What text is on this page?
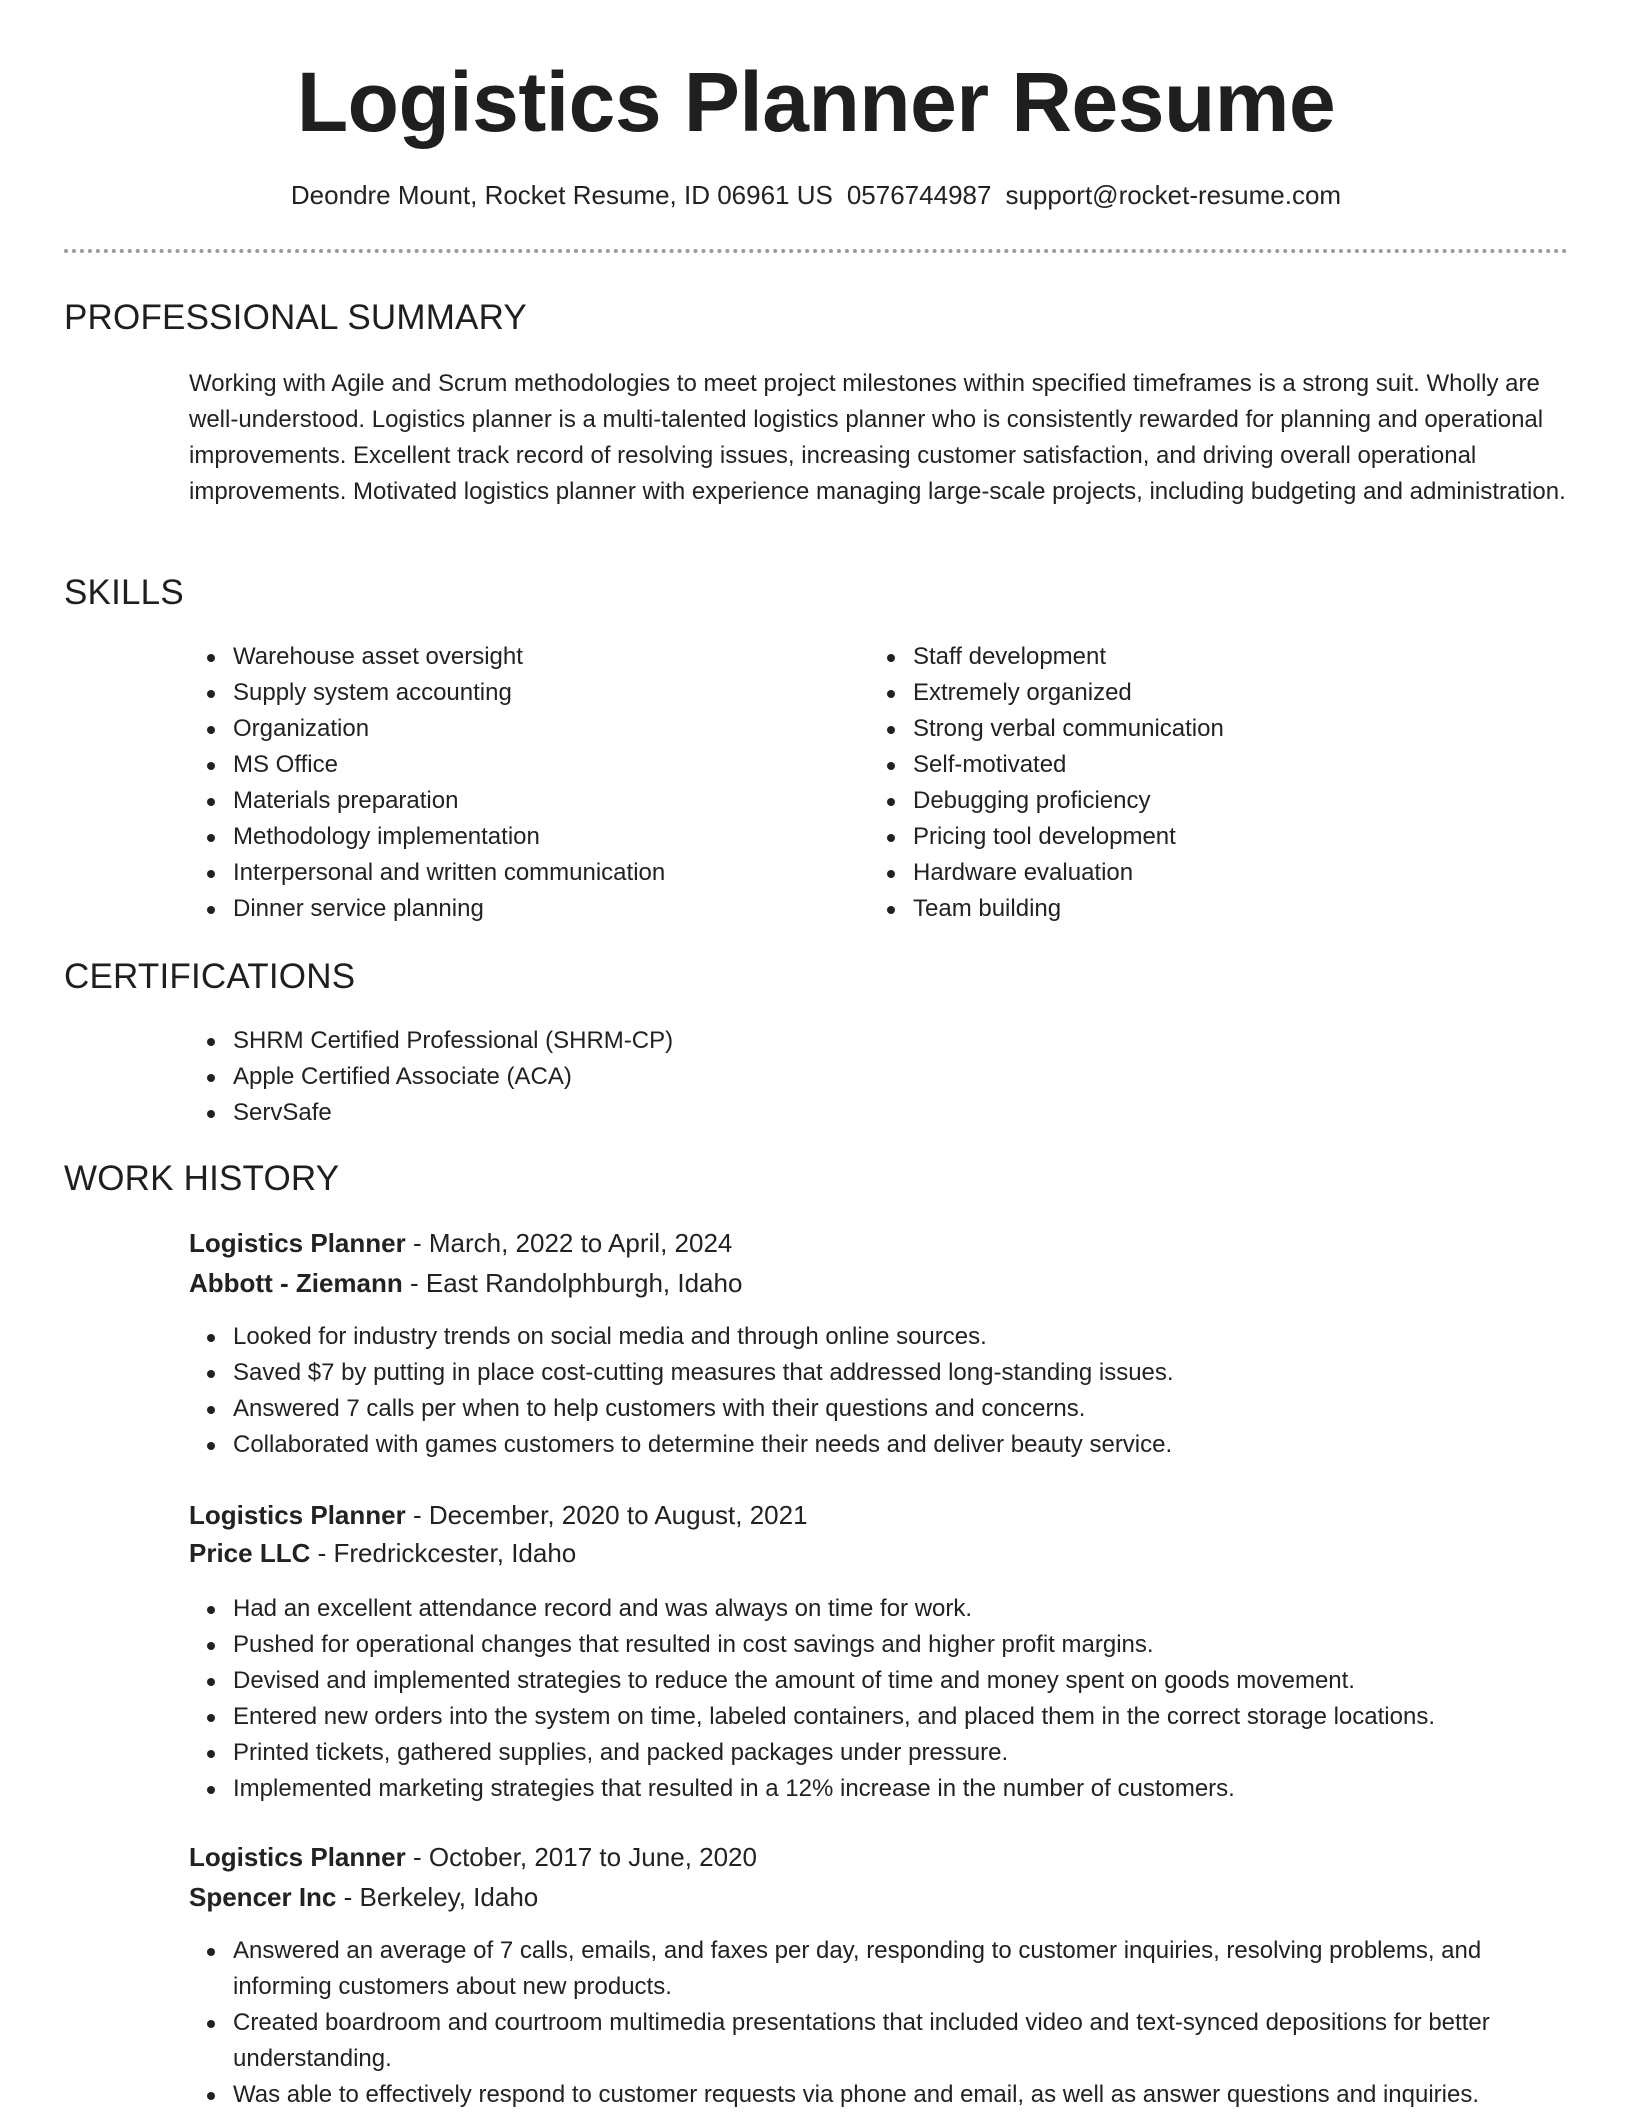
Logistics Planner Resume
Deondre Mount, Rocket Resume, ID 06961 US 0576744987 support@rocket-resume.com
PROFESSIONAL SUMMARY

Working with Agile and Scrum methodologies to meet project milestones within specified timeframes is a strong suit. Wholly are well-understood. Logistics planner is a multi-talented logistics planner who is consistently rewarded for planning and operational improvements. Excellent track record of resolving issues, increasing customer satisfaction, and driving overall operational improvements. Motivated logistics planner with experience managing large-scale projects, including budgeting and administration.

SKILLS
Warehouse asset oversight
Supply system accounting
Organization
MS Office
Materials preparation
Methodology implementation
Interpersonal and written communication
Dinner service planning
Staff development
Extremely organized
Strong verbal communication
Self-motivated
Debugging proficiency
Pricing tool development
Hardware evaluation
Team building
CERTIFICATIONS
SHRM Certified Professional (SHRM-CP)
Apple Certified Associate (ACA)
ServSafe
WORK HISTORY
Logistics Planner - March, 2022 to April, 2024
Abbott - Ziemann - East Randolphburgh, Idaho
Looked for industry trends on social media and through online sources.
Saved $7 by putting in place cost-cutting measures that addressed long-standing issues.
Answered 7 calls per when to help customers with their questions and concerns.
Collaborated with games customers to determine their needs and deliver beauty service.
Logistics Planner - December, 2020 to August, 2021
Price LLC - Fredrickcester, Idaho
Had an excellent attendance record and was always on time for work.
Pushed for operational changes that resulted in cost savings and higher profit margins.
Devised and implemented strategies to reduce the amount of time and money spent on goods movement.
Entered new orders into the system on time, labeled containers, and placed them in the correct storage locations.
Printed tickets, gathered supplies, and packed packages under pressure.
Implemented marketing strategies that resulted in a 12% increase in the number of customers.
Logistics Planner - October, 2017 to June, 2020
Spencer Inc - Berkeley, Idaho
Answered an average of 7 calls, emails, and faxes per day, responding to customer inquiries, resolving problems, and informing customers about new products.
Created boardroom and courtroom multimedia presentations that included video and text-synced depositions for better understanding.
Was able to effectively respond to customer requests via phone and email, as well as answer questions and inquiries.
